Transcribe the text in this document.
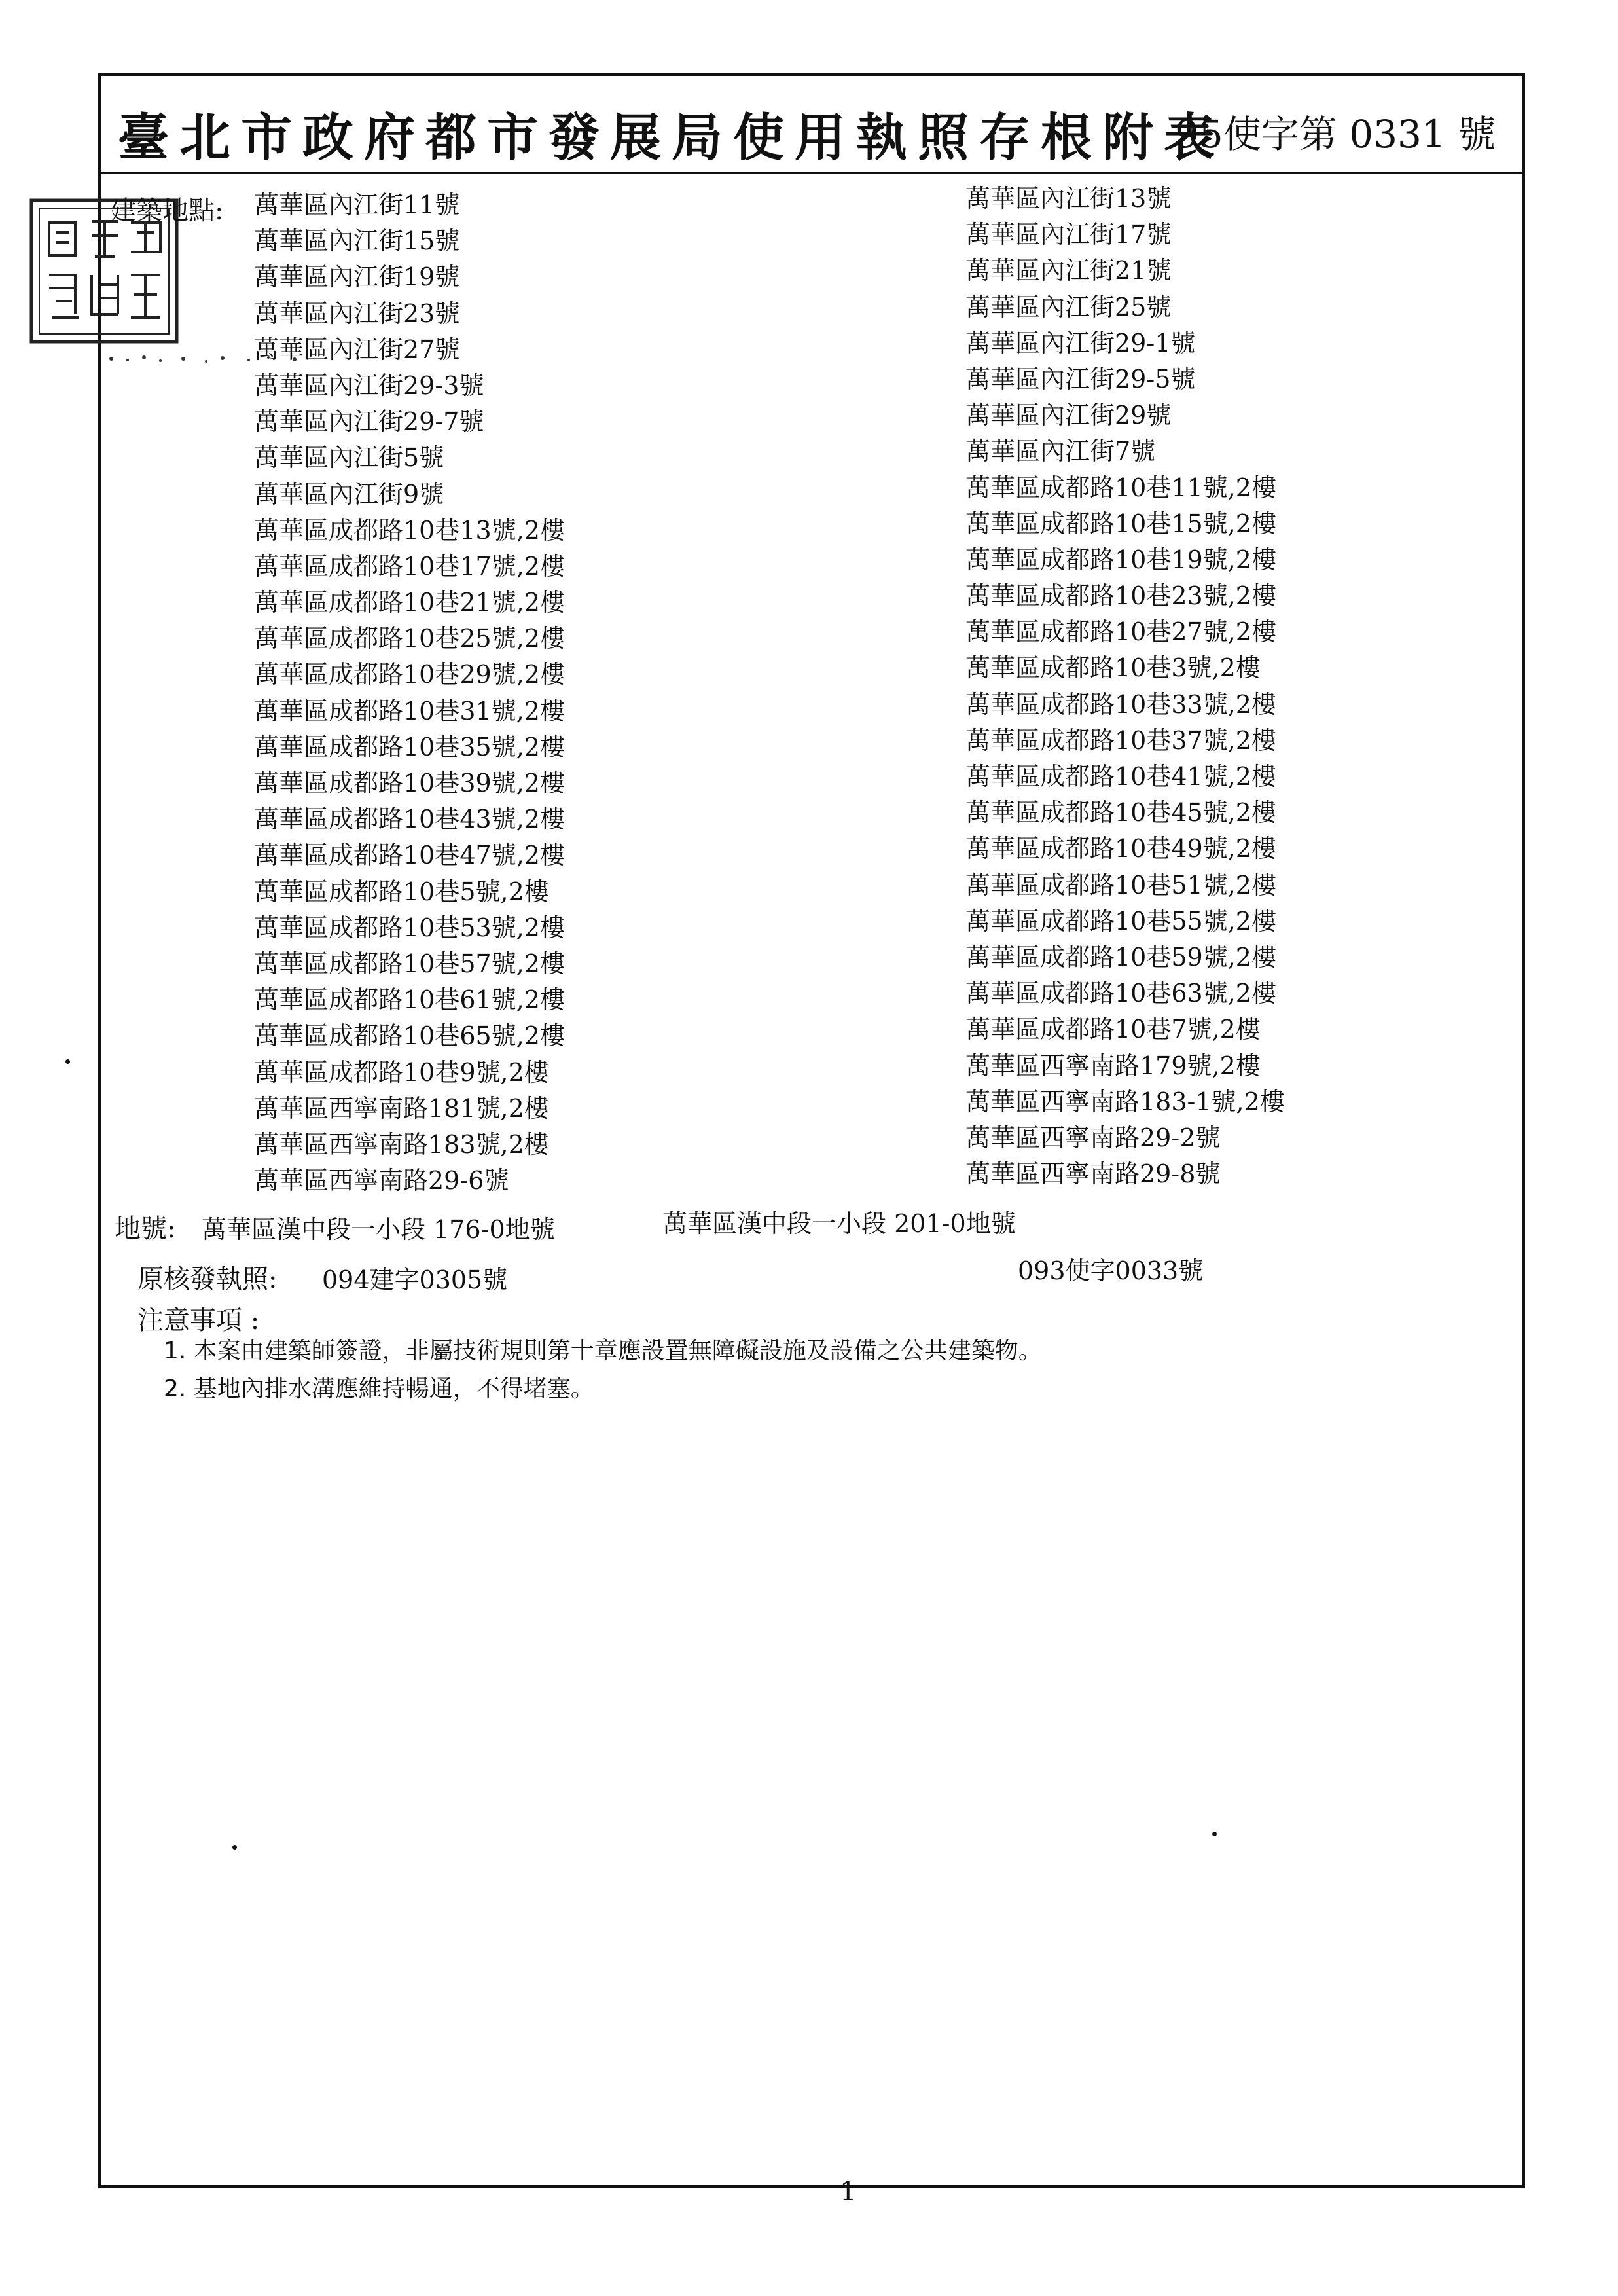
臺北市政府都市發展局使用執照存根附表
95使字第 0331 號
建築地點: 萬華區內江街11號
萬華區內江街15號
萬華區內江街19號
萬華區內江街23號
萬華區內江街27號
萬華區內江街29-3號
萬華區內江街29-7號
萬華區內江街5號
萬華區內江街9號
萬華區成都路10巷13號,2樓
萬華區成都路10巷17號,2樓
萬華區成都路10巷21號,2樓
萬華區成都路10巷25號,2樓
萬華區成都路10巷29號,2樓
萬華區成都路10巷31號,2樓
萬華區成都路10巷35號,2樓
萬華區成都路10巷39號,2樓
萬華區成都路10巷43號,2樓
萬華區成都路10巷47號,2樓
萬華區成都路10巷5號,2樓
萬華區成都路10巷53號,2樓
萬華區成都路10巷57號,2樓
萬華區成都路10巷61號,2樓
萬華區成都路10巷65號,2樓
萬華區成都路10巷9號,2樓
萬華區西寧南路181號,2樓
萬華區西寧南路183號,2樓
萬華區西寧南路29-6號
萬華區內江街13號
萬華區內江街17號
萬華區內江街21號
萬華區內江街25號
萬華區內江街29-1號
萬華區內江街29-5號
萬華區內江街29號
萬華區內江街7號
萬華區成都路10巷11號,2樓
萬華區成都路10巷15號,2樓
萬華區成都路10巷19號,2樓
萬華區成都路10巷23號,2樓
萬華區成都路10巷27號,2樓
萬華區成都路10巷3號,2樓
萬華區成都路10巷33號,2樓
萬華區成都路10巷37號,2樓
萬華區成都路10巷41號,2樓
萬華區成都路10巷45號,2樓
萬華區成都路10巷49號,2樓
萬華區成都路10巷51號,2樓
萬華區成都路10巷55號,2樓
萬華區成都路10巷59號,2樓
萬華區成都路10巷63號,2樓
萬華區成都路10巷7號,2樓
萬華區西寧南路179號,2樓
萬華區西寧南路183-1號,2樓
萬華區西寧南路29-2號
萬華區西寧南路29-8號
地號: 萬華區漢中段一小段 176-0地號	萬華區漢中段一小段 201-0地號
原核發執照: 094建字0305號	093使字0033號
注意事項 :
1. 本案由建築師簽證，非屬技術規則第十章應設置無障礙設施及設備之公共建築物。
2. 基地內排水溝應維持暢通，不得堵塞。
1
